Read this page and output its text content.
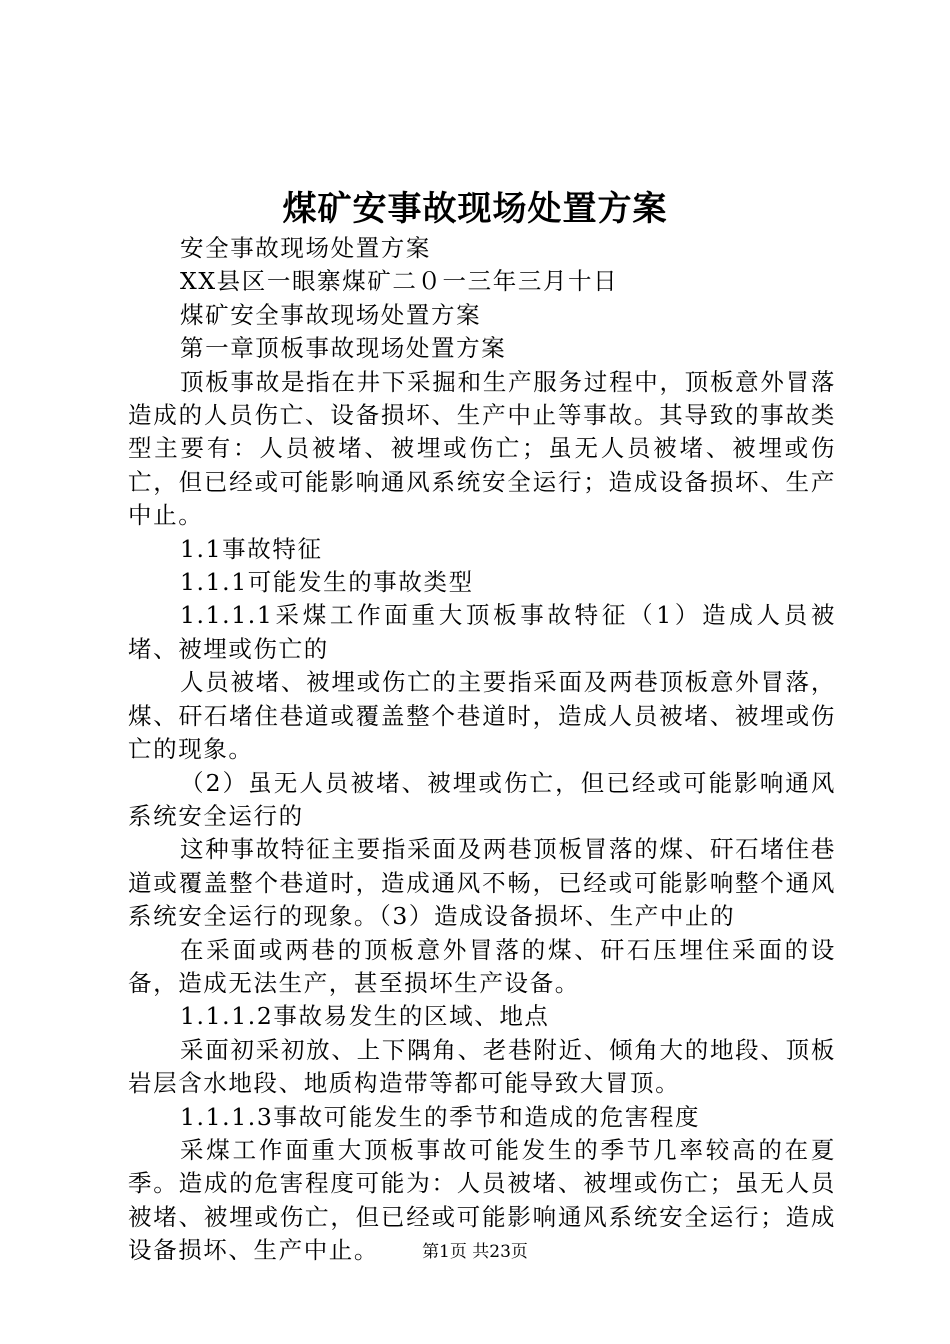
煤矿安事故现场处置方案

安全事故现场处置方案

XX县区一眼寨煤矿二０一三年三月十日

煤矿安全事故现场处置方案

第一章顶板事故现场处置方案

顶板事故是指在井下采掘和生产服务过程中，顶板意外冒落造成的人员伤亡、设备损坏、生产中止等事故。其导致的事故类型主要有：人员被堵、被埋或伤亡；虽无人员被堵、被埋或伤亡，但已经或可能影响通风系统安全运行；造成设备损坏、生产中止。

1.1事故特征

1.1.1可能发生的事故类型

1.1.1.1采煤工作面重大顶板事故特征（1）造成人员被堵、被埋或伤亡的

人员被堵、被埋或伤亡的主要指采面及两巷顶板意外冒落，煤、矸石堵住巷道或覆盖整个巷道时，造成人员被堵、被埋或伤亡的现象。

（2）虽无人员被堵、被埋或伤亡，但已经或可能影响通风系统安全运行的

这种事故特征主要指采面及两巷顶板冒落的煤、矸石堵住巷道或覆盖整个巷道时，造成通风不畅，已经或可能影响整个通风系统安全运行的现象。（3）造成设备损坏、生产中止的

在采面或两巷的顶板意外冒落的煤、矸石压埋住采面的设备，造成无法生产，甚至损坏生产设备。

1.1.1.2事故易发生的区域、地点

采面初采初放、上下隅角、老巷附近、倾角大的地段、顶板岩层含水地段、地质构造带等都可能导致大冒顶。

1.1.1.3事故可能发生的季节和造成的危害程度

采煤工作面重大顶板事故可能发生的季节几率较高的在夏季。造成的危害程度可能为：人员被堵、被埋或伤亡；虽无人员被堵、被埋或伤亡，但已经或可能影响通风系统安全运行；造成设备损坏、生产中止。	第1页 共23页
